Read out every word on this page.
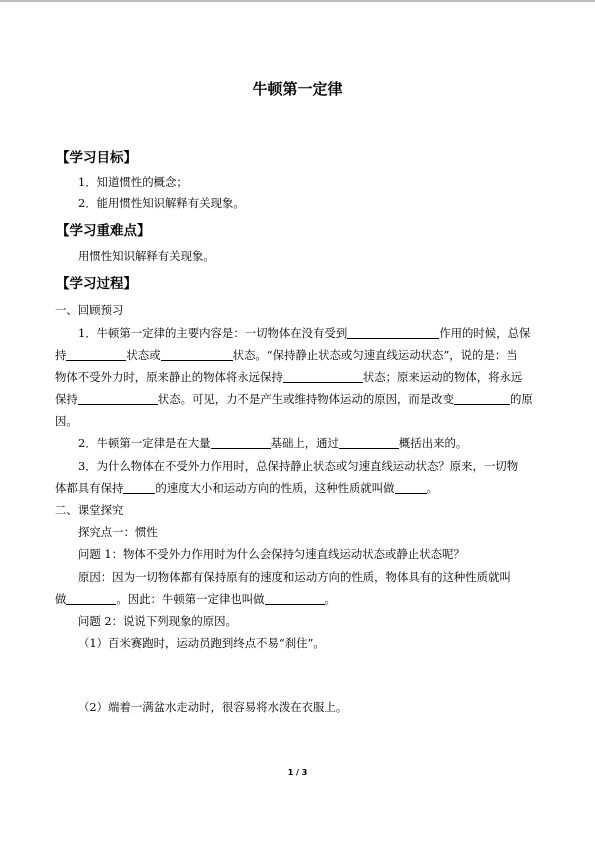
牛顿第一定律
【学习目标】
1．知道惯性的概念；
2．能用惯性知识解释有关现象。
【学习重难点】
用惯性知识解释有关现象。
【学习过程】
一、回顾预习
1．牛顿第一定律的主要内容是：一切物体在没有受到	作用的时候，总保
持	状态或	状态。“保持静止状态或匀速直线运动状态”，说的是：当
物体不受外力时，原来静止的物体将永远保持	状态；原来运动的物体，将永远
保持	状态。可见，力不是产生或维持物体运动的原因，而是改变	的原
因。
2．牛顿第一定律是在大量	基础上，通过	概括出来的。
3．为什么物体在不受外力作用时，总保持静止状态或匀速直线运动状态？原来，一切物
体都具有保持	的速度大小和运动方向的性质，这种性质就叫做	。
二、课堂探究
探究点一：惯性
问题 1：物体不受外力作用时为什么会保持匀速直线运动状态或静止状态呢？
原因：因为一切物体都有保持原有的速度和运动方向的性质，物体具有的这种性质就叫
做	。因此：牛顿第一定律也叫做	。
问题 2：说说下列现象的原因。
（1）百米赛跑时，运动员跑到终点不易“刹住”。
（2）端着一满盆水走动时，很容易将水泼在衣服上。
1 / 3
